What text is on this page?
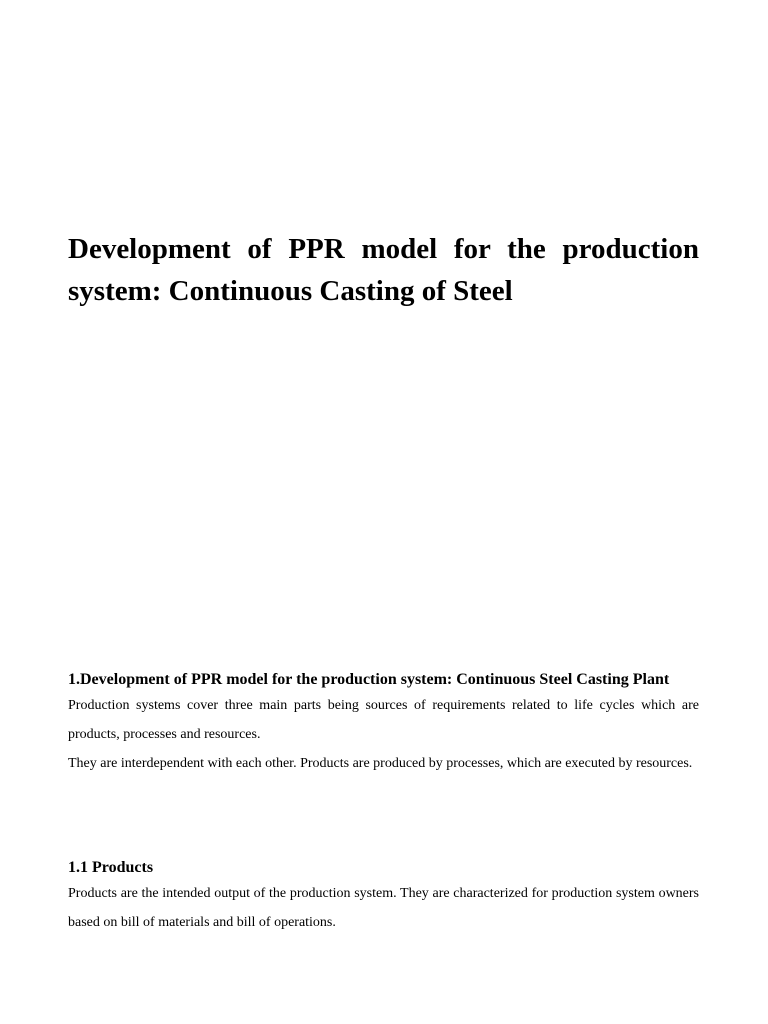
Development of PPR model for the production system: Continuous Casting of Steel
1.Development of PPR model for the production system: Continuous Steel Casting Plant

Production systems cover three main parts being sources of requirements related to life cycles which are products, processes and resources.

They are interdependent with each other. Products are produced by processes, which are executed by resources.

1.1 Products

Products are the intended output of the production system. They are characterized for production system owners based on bill of materials and bill of operations.
